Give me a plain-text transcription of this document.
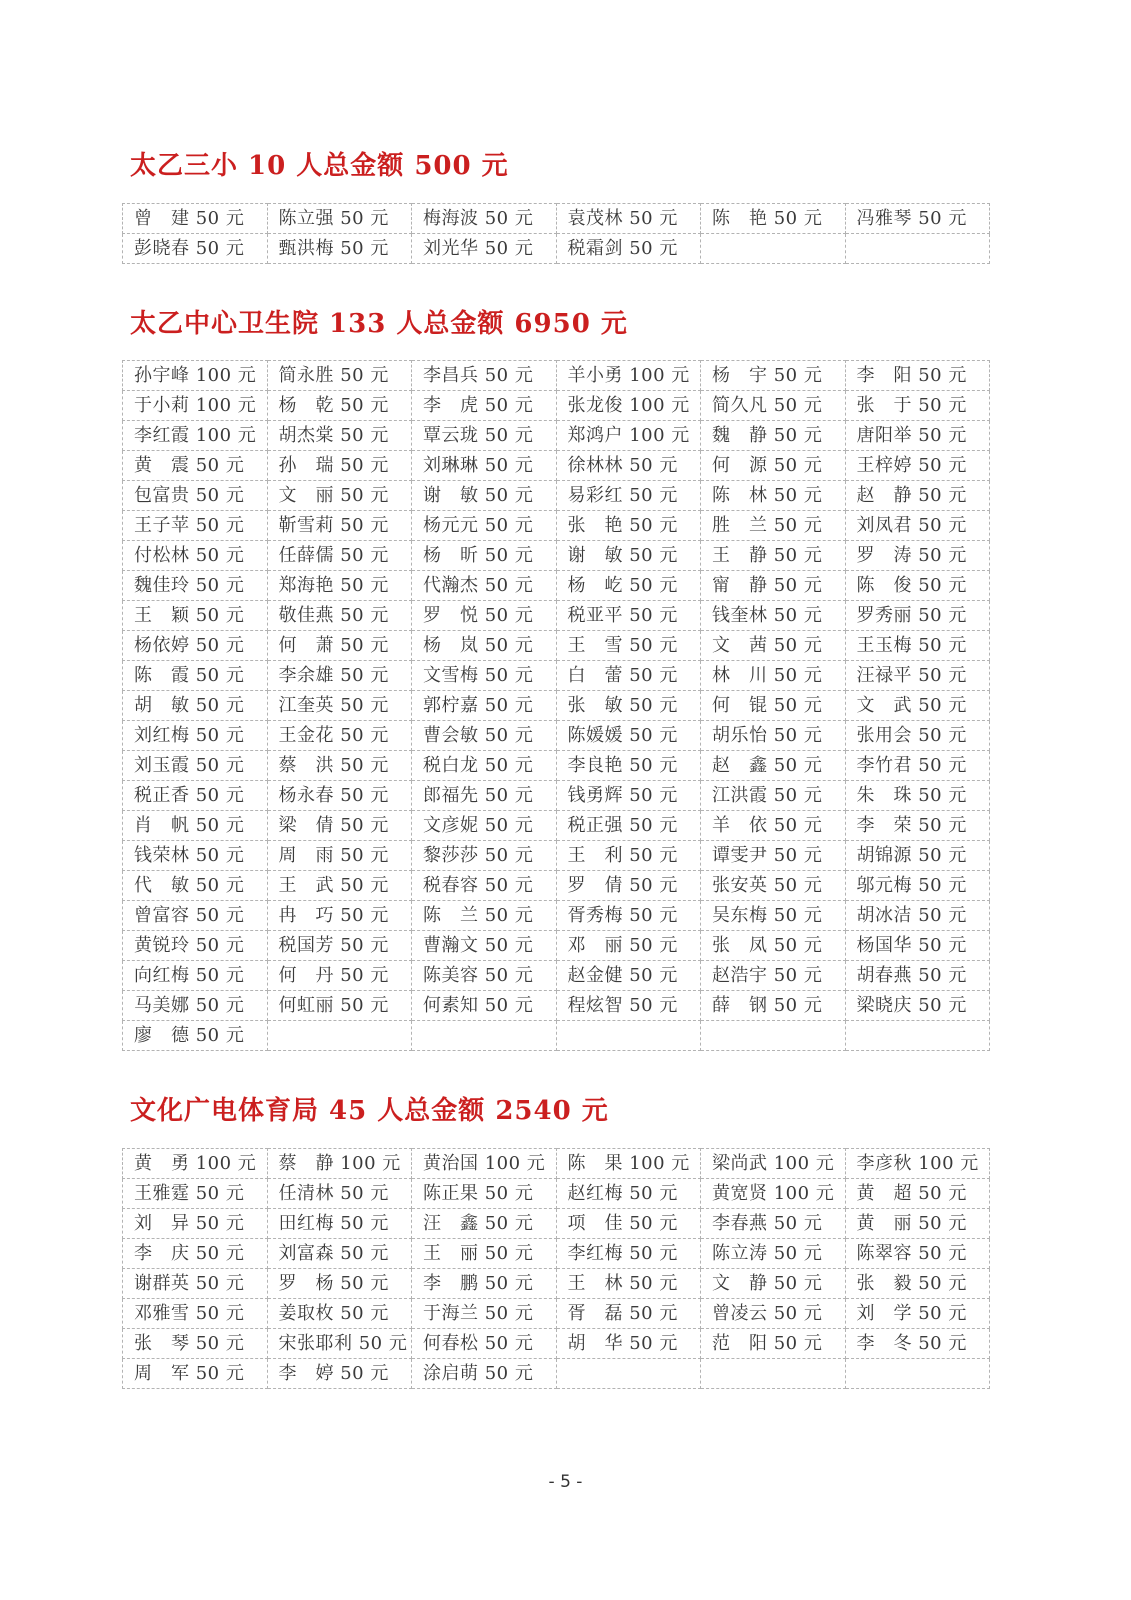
太乙三小 10 人总金额 500 元
曾　建 50 元	陈立强 50 元	梅海波 50 元	袁茂林 50 元	陈　艳 50 元	冯雅琴 50 元
彭晓春 50 元	甄洪梅 50 元	刘光华 50 元	税霜剑 50 元		
太乙中心卫生院 133 人总金额 6950 元
孙宇峰 100 元	简永胜 50 元	李昌兵 50 元	羊小勇 100 元	杨　宇 50 元	李　阳 50 元
于小莉 100 元	杨　乾 50 元	李　虎 50 元	张龙俊 100 元	简久凡 50 元	张　于 50 元
李红霞 100 元	胡杰棠 50 元	覃云珑 50 元	郑鸿户 100 元	魏　静 50 元	唐阳举 50 元
黄　震 50 元	孙　瑞 50 元	刘琳琳 50 元	徐林林 50 元	何　源 50 元	王梓婷 50 元
包富贵 50 元	文　丽 50 元	谢　敏 50 元	易彩红 50 元	陈　林 50 元	赵　静 50 元
王子苹 50 元	靳雪莉 50 元	杨元元 50 元	张　艳 50 元	胜　兰 50 元	刘凤君 50 元
付松林 50 元	任薛儒 50 元	杨　昕 50 元	谢　敏 50 元	王　静 50 元	罗　涛 50 元
魏佳玲 50 元	郑海艳 50 元	代瀚杰 50 元	杨　屹 50 元	甯　静 50 元	陈　俊 50 元
王　颖 50 元	敬佳燕 50 元	罗　悦 50 元	税亚平 50 元	钱奎林 50 元	罗秀丽 50 元
杨依婷 50 元	何　萧 50 元	杨　岚 50 元	王　雪 50 元	文　茜 50 元	王玉梅 50 元
陈　霞 50 元	李余雄 50 元	文雪梅 50 元	白　蕾 50 元	林　川 50 元	汪禄平 50 元
胡　敏 50 元	江奎英 50 元	郭柠嘉 50 元	张　敏 50 元	何　锟 50 元	文　武 50 元
刘红梅 50 元	王金花 50 元	曹会敏 50 元	陈媛媛 50 元	胡乐怡 50 元	张用会 50 元
刘玉霞 50 元	蔡　洪 50 元	税白龙 50 元	李良艳 50 元	赵　鑫 50 元	李竹君 50 元
税正香 50 元	杨永春 50 元	郎福先 50 元	钱勇辉 50 元	江洪霞 50 元	朱　珠 50 元
肖　帆 50 元	梁　倩 50 元	文彦妮 50 元	税正强 50 元	羊　依 50 元	李　荣 50 元
钱荣林 50 元	周　雨 50 元	黎莎莎 50 元	王　利 50 元	谭雯尹 50 元	胡锦源 50 元
代　敏 50 元	王　武 50 元	税春容 50 元	罗　倩 50 元	张安英 50 元	邬元梅 50 元
曾富容 50 元	冉　巧 50 元	陈　兰 50 元	胥秀梅 50 元	吴东梅 50 元	胡冰洁 50 元
黄锐玲 50 元	税国芳 50 元	曹瀚文 50 元	邓　丽 50 元	张　凤 50 元	杨国华 50 元
向红梅 50 元	何　丹 50 元	陈美容 50 元	赵金健 50 元	赵浩宇 50 元	胡春燕 50 元
马美娜 50 元	何虹丽 50 元	何素知 50 元	程炫智 50 元	薛　钢 50 元	梁晓庆 50 元
廖　德 50 元					
文化广电体育局 45 人总金额 2540 元
黄　勇 100 元	蔡　静 100 元	黄治国 100 元	陈　果 100 元	梁尚武 100 元	李彦秋 100 元
王雅霆 50 元	任清林 50 元	陈正果 50 元	赵红梅 50 元	黄宽贤 100 元	黄　超 50 元
刘　异 50 元	田红梅 50 元	汪　鑫 50 元	项　佳 50 元	李春燕 50 元	黄　丽 50 元
李　庆 50 元	刘富森 50 元	王　丽 50 元	李红梅 50 元	陈立涛 50 元	陈翠容 50 元
谢群英 50 元	罗　杨 50 元	李　鹏 50 元	王　林 50 元	文　静 50 元	张　毅 50 元
邓雅雪 50 元	姜取枚 50 元	于海兰 50 元	胥　磊 50 元	曾凌云 50 元	刘　学 50 元
张　琴 50 元	宋张耶利 50 元	何春松 50 元	胡　华 50 元	范　阳 50 元	李　冬 50 元
周　军 50 元	李　婷 50 元	涂启萌 50 元			
- 5 -
